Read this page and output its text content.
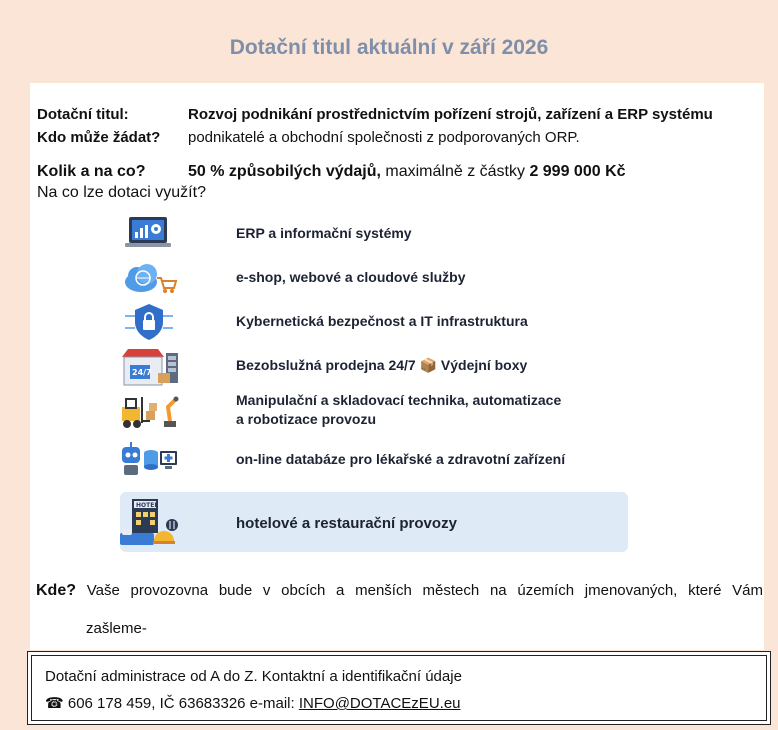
Dotační titul aktuální v září 2026
Dotační titul:	Rozvoj podnikání prostřednictvím pořízení strojů, zařízení a ERP systému
Kdo může žádat? podnikatelé a obchodní společnosti z podporovaných ORP.
Kolik a na co?	50 % způsobilých výdajů, maximálně z částky 2 999 000 Kč
Na co lze dotaci využít?
ERP a informační systémy
e-shop, webové a cloudové služby
Kybernetická bezpečnost a IT infrastruktura
24/7	Bezobslužná prodejna 24/7 📦 Výdejní boxy
Manipulační a skladovací technika, automatizace
a robotizace provozu
on-line databáze pro lékařské a zdravotní zařízení
HOTEL
hotelové a restaurační provozy
Kde? Vaše provozovna bude v obcích a menších městech na územích jmenovaných, které Vám
zašleme-
Dotační administrace od A do Z. Kontaktní a identifikační údaje
☎ 606 178 459, IČ 63683326 e-mail: INFO@DOTACEzEU.eu
